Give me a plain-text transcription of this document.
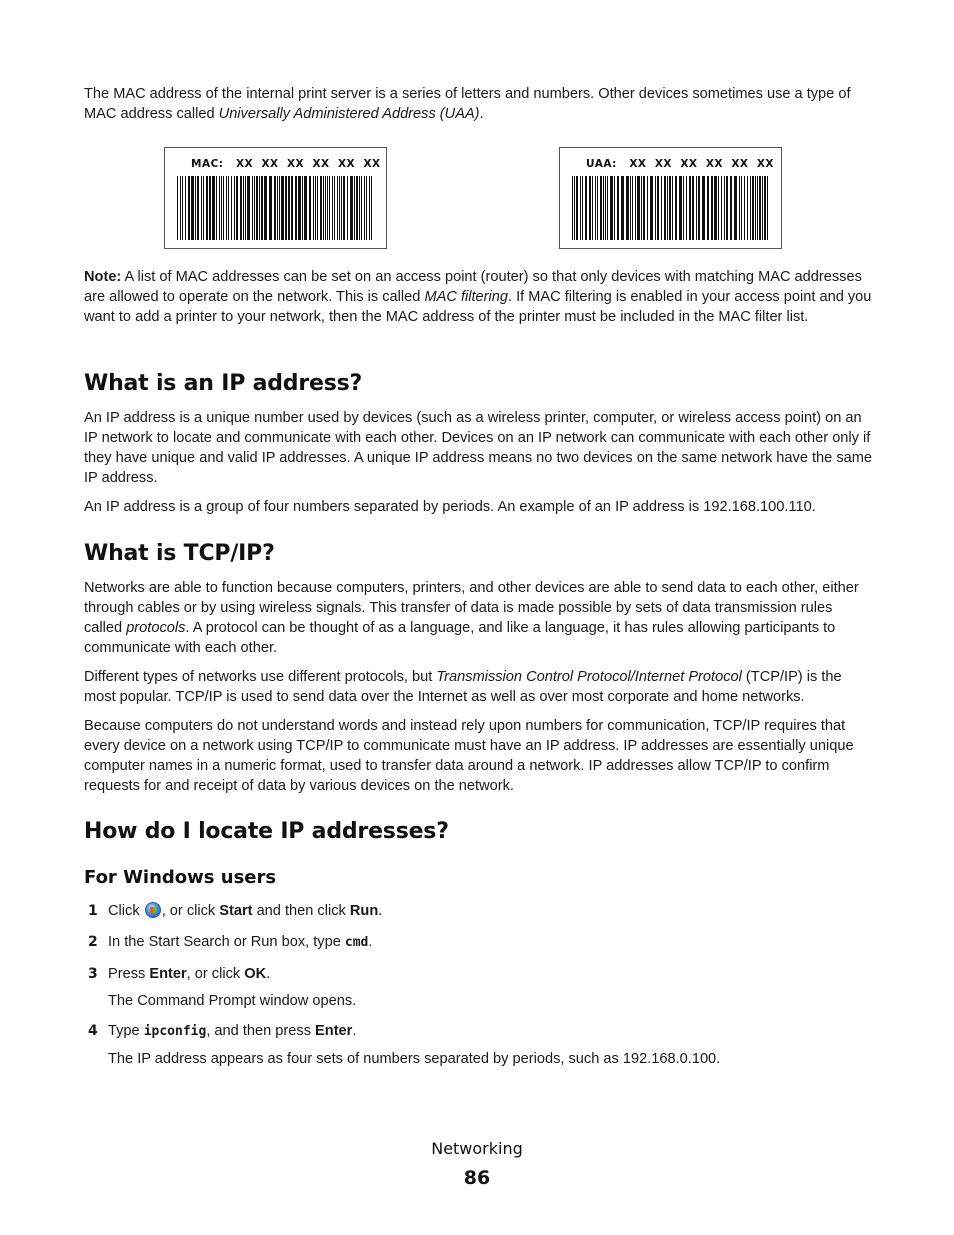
The MAC address of the internal print server is a series of letters and numbers. Other devices sometimes use a type of MAC address called Universally Administered Address (UAA).

MAC:   XX  XX  XX  XX  XX  XX	UAA:   XX  XX  XX  XX  XX  XX

Note: A list of MAC addresses can be set on an access point (router) so that only devices with matching MAC addresses are allowed to operate on the network. This is called MAC filtering. If MAC filtering is enabled in your access point and you want to add a printer to your network, then the MAC address of the printer must be included in the MAC filter list.

What is an IP address?

An IP address is a unique number used by devices (such as a wireless printer, computer, or wireless access point) on an IP network to locate and communicate with each other. Devices on an IP network can communicate with each other only if they have unique and valid IP addresses. A unique IP address means no two devices on the same network have the same IP address.

An IP address is a group of four numbers separated by periods. An example of an IP address is 192.168.100.110.

What is TCP/IP?

Networks are able to function because computers, printers, and other devices are able to send data to each other, either through cables or by using wireless signals. This transfer of data is made possible by sets of data transmission rules called protocols. A protocol can be thought of as a language, and like a language, it has rules allowing participants to communicate with each other.

Different types of networks use different protocols, but Transmission Control Protocol/Internet Protocol (TCP/IP) is the most popular. TCP/IP is used to send data over the Internet as well as over most corporate and home networks.

Because computers do not understand words and instead rely upon numbers for communication, TCP/IP requires that every device on a network using TCP/IP to communicate must have an IP address. IP addresses are essentially unique computer names in a numeric format, used to transfer data around a network. IP addresses allow TCP/IP to confirm requests for and receipt of data by various devices on the network.

How do I locate IP addresses?
For Windows users
1 Click , or click Start and then click Run.
2 In the Start Search or Run box, type cmd.
3 Press Enter, or click OK.
The Command Prompt window opens.
4 Type ipconfig, and then press Enter.
The IP address appears as four sets of numbers separated by periods, such as 192.168.0.100.
Networking
86
